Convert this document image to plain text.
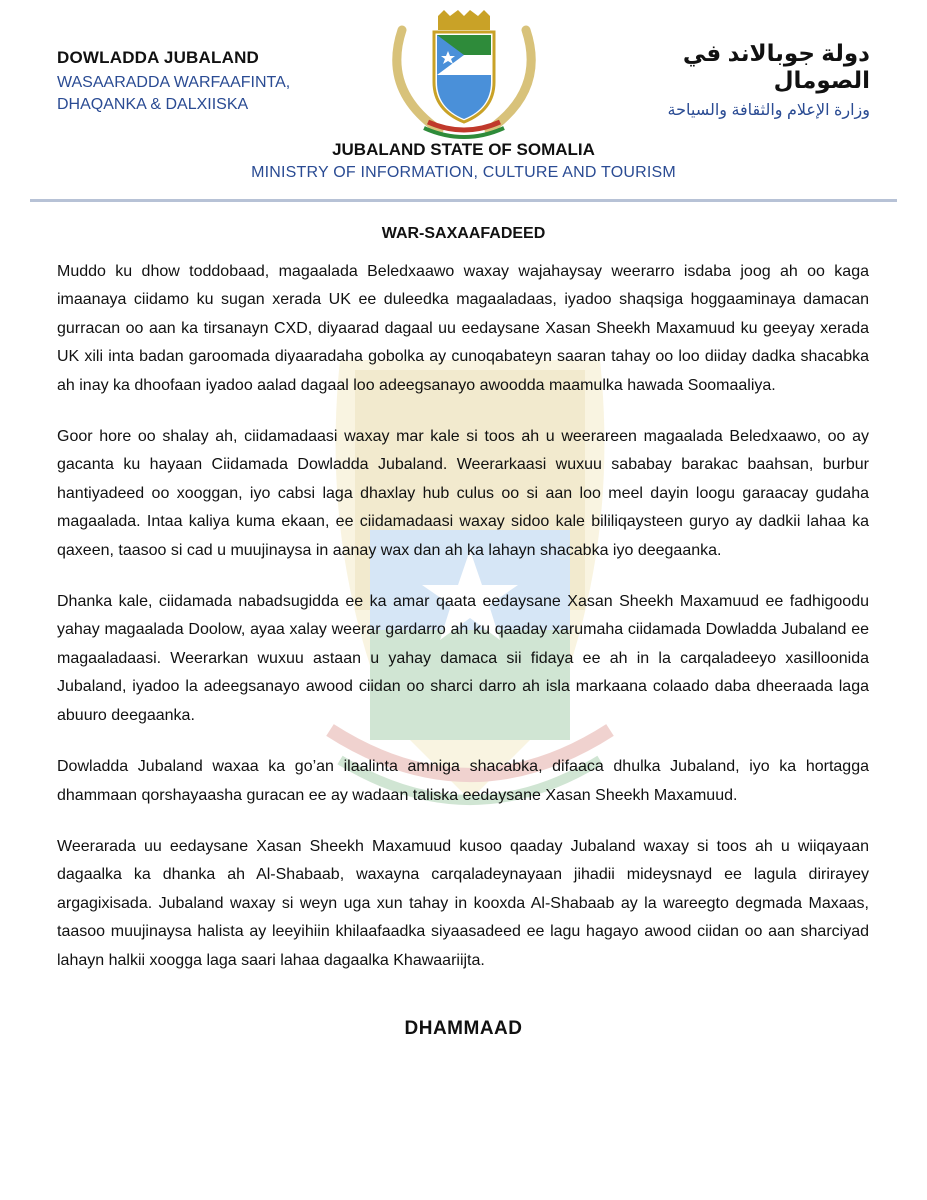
DOWLADDA JUBALAND
WASAARADDA WARFAAFINTA,
DHAQANKA & DALXIISKA
دولة جوبالاند في الصومال
وزارة الإعلام والثقافة والسياحة
JUBALAND STATE OF SOMALIA
MINISTRY OF INFORMATION, CULTURE AND TOURISM
WAR-SAXAAFADEED

Muddo ku dhow toddobaad, magaalada Beledxaawo waxay wajahaysay weerarro isdaba joog ah oo kaga imaanaya ciidamo ku sugan xerada UK ee duleedka magaaladaas, iyadoo shaqsiga hoggaaminaya damacan gurracan oo aan ka tirsanayn CXD, diyaarad dagaal uu eedaysane Xasan Sheekh Maxamuud ku geeyay xerada UK xili inta badan garoomada diyaaradaha gobolka ay cunoqabateyn saaran tahay oo loo diiday dadka shacabka ah inay ka dhoofaan iyadoo aalad dagaal loo adeegsanayo awoodda maamulka hawada Soomaaliya.

Goor hore oo shalay ah, ciidamadaasi waxay mar kale si toos ah u weerareen magaalada Beledxaawo, oo ay gacanta ku hayaan Ciidamada Dowladda Jubaland. Weerarkaasi wuxuu sababay barakac baahsan, burbur hantiyadeed oo xooggan, iyo cabsi laga dhaxlay hub culus oo si aan loo meel dayin loogu garaacay gudaha magaalada. Intaa kaliya kuma ekaan, ee ciidamadaasi waxay sidoo kale bililiqaysteen guryo ay dadkii lahaa ka qaxeen, taasoo si cad u muujinaysa in aanay wax dan ah ka lahayn shacabka iyo deegaanka.

Dhanka kale, ciidamada nabadsugidda ee ka amar qaata eedaysane Xasan Sheekh Maxamuud ee fadhigoodu yahay magaalada Doolow, ayaa xalay weerar gardarro ah ku qaaday xarumaha ciidamada Dowladda Jubaland ee magaaladaasi. Weerarkan wuxuu astaan u yahay damaca sii fidaya ee ah in la carqaladeeyo xasilloonida Jubaland, iyadoo la adeegsanayo awood ciidan oo sharci darro ah isla markaana colaado daba dheeraada laga abuuro deegaanka.

Dowladda Jubaland waxaa ka go’an ilaalinta amniga shacabka, difaaca dhulka Jubaland, iyo ka hortagga dhammaan qorshayaasha guracan ee ay wadaan taliska eedaysane Xasan Sheekh Maxamuud.

Weerarada uu eedaysane Xasan Sheekh Maxamuud kusoo qaaday Jubaland waxay si toos ah u wiiqayaan dagaalka ka dhanka ah Al-Shabaab, waxayna carqaladeynayaan jihadii mideysnayd ee lagula dirirayey argagixisada. Jubaland waxay si weyn uga xun tahay in kooxda Al-Shabaab ay la wareegto degmada Maxaas, taasoo muujinaysa halista ay leeyihiin khilaafaadka siyaasadeed ee lagu hagayo awood ciidan oo aan sharciyad lahayn halkii xoogga laga saari lahaa dagaalka Khawaariijta.

DHAMMAAD
